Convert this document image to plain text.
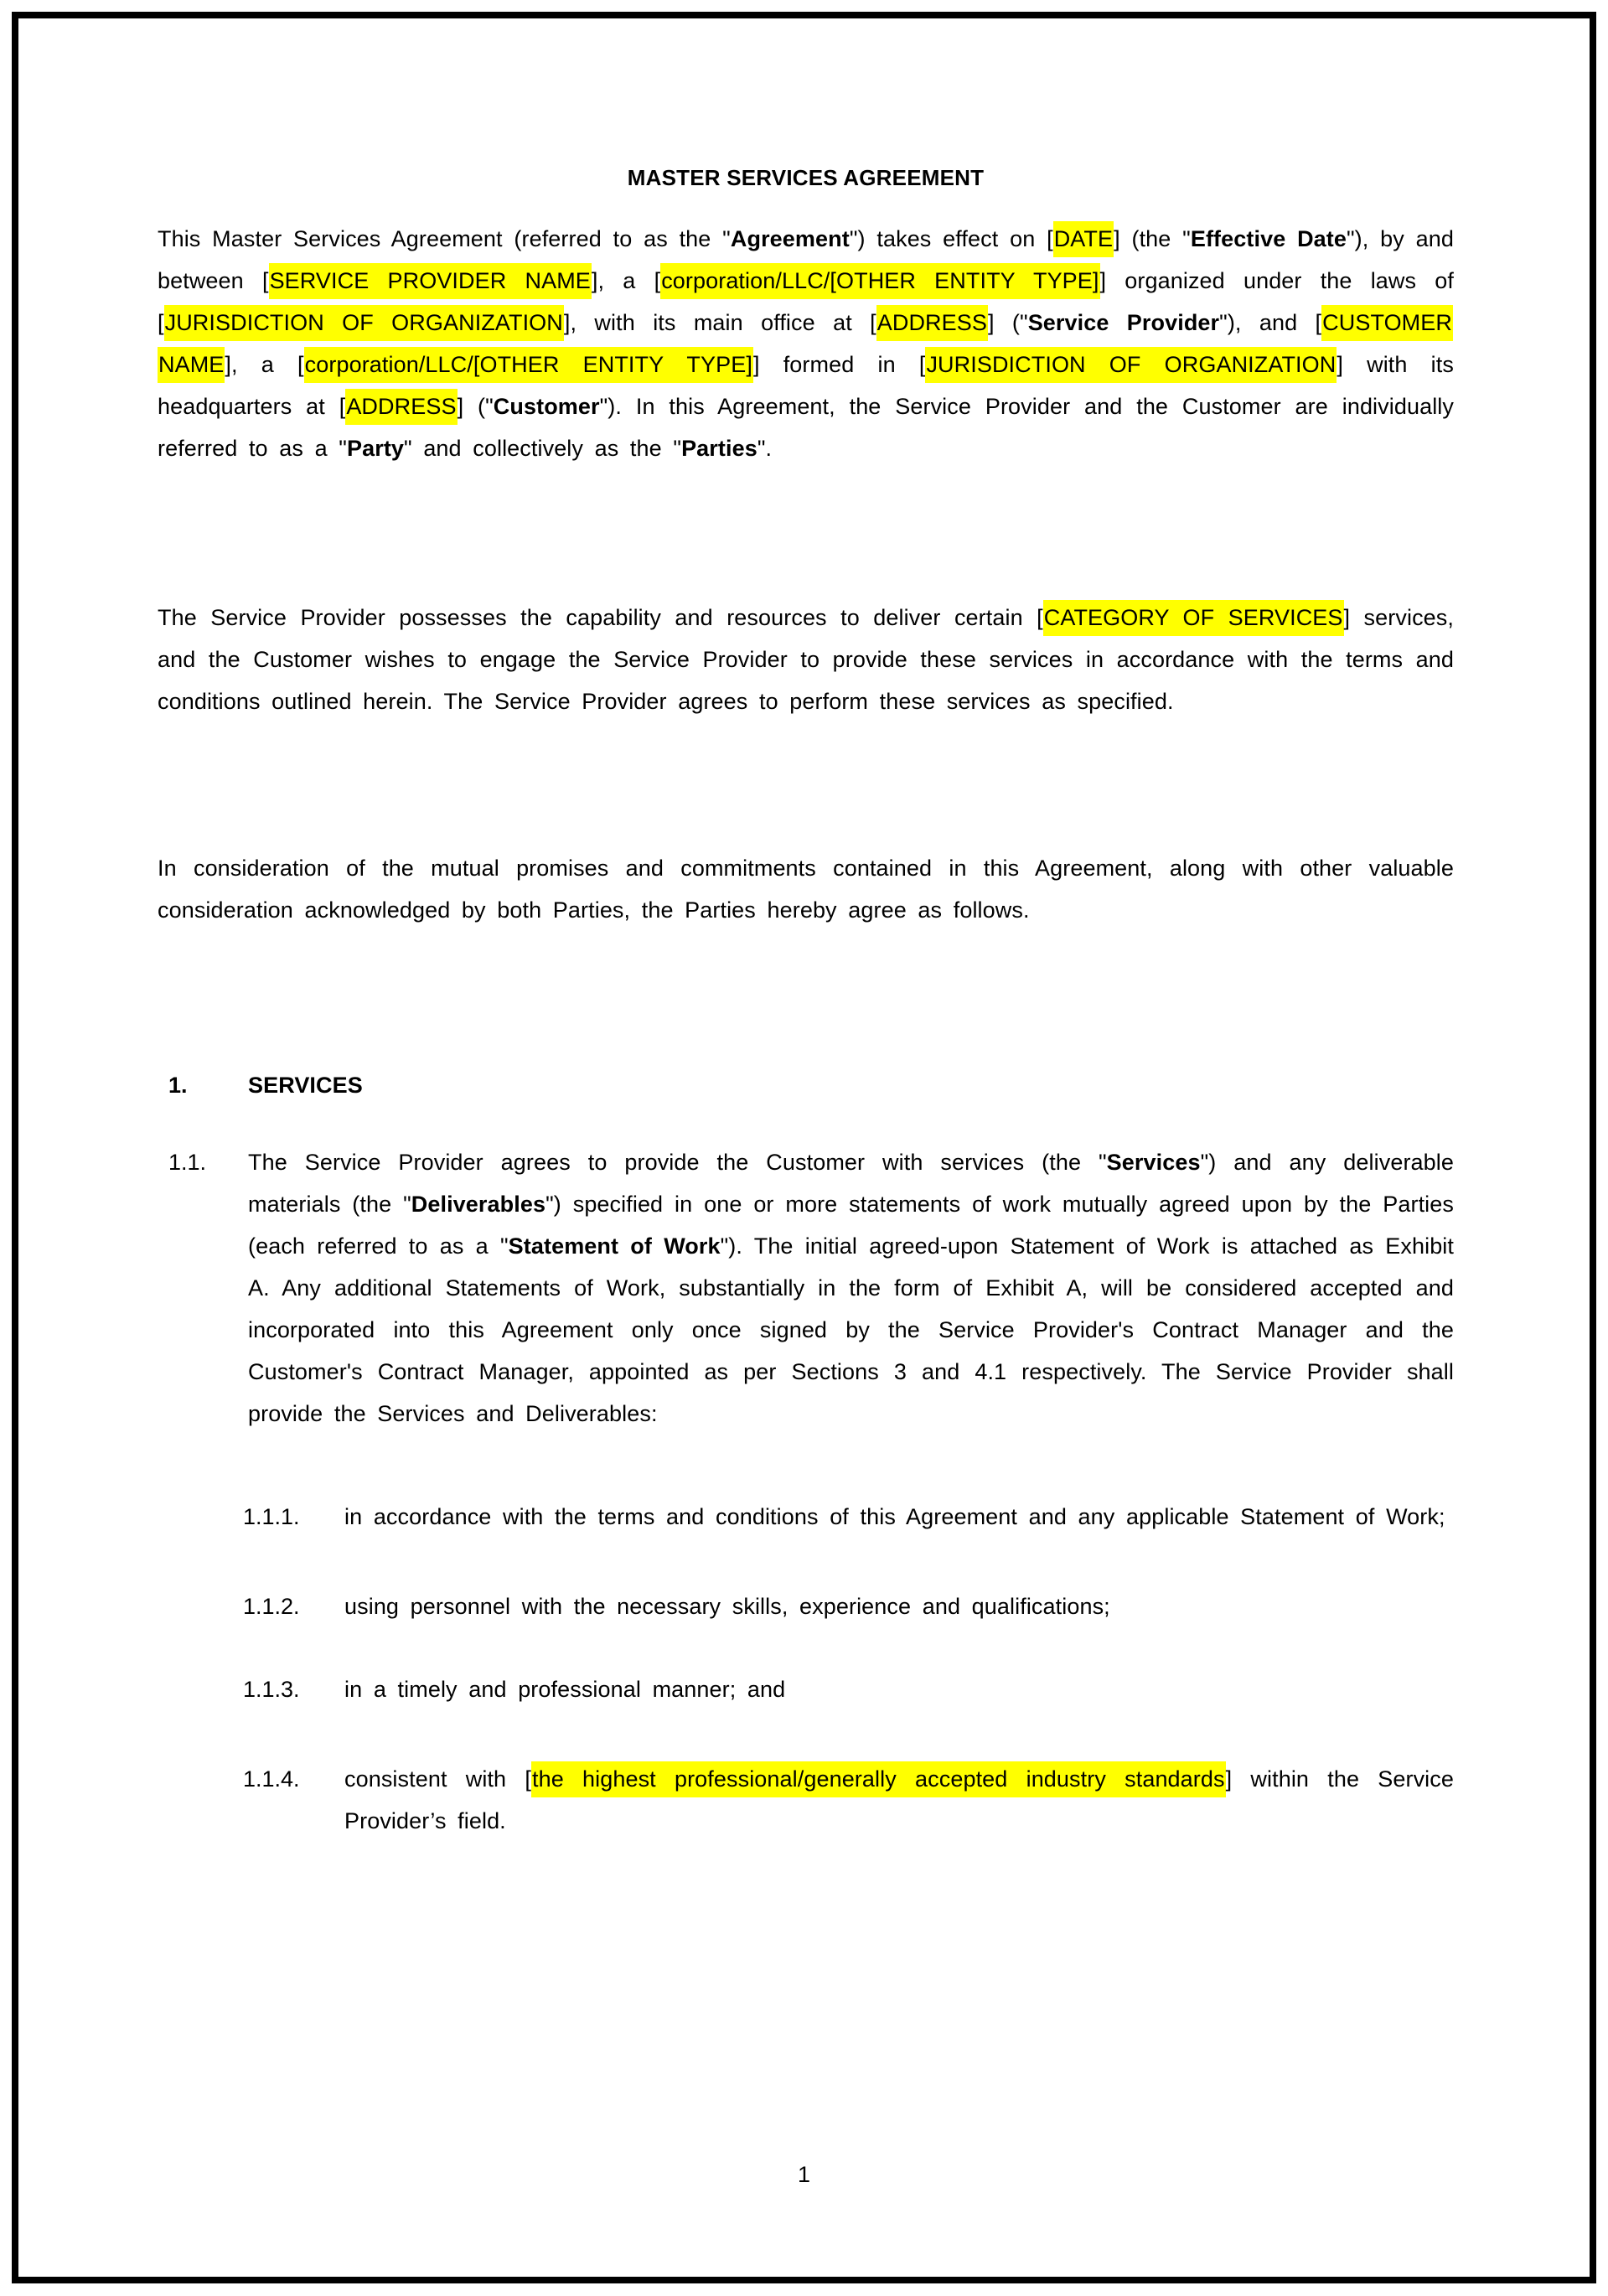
MASTER SERVICES AGREEMENT
This Master Services Agreement (referred to as the "Agreement") takes effect on [DATE] (the "Effective Date"), by and between [SERVICE PROVIDER NAME], a [corporation/LLC/[OTHER ENTITY TYPE]] organized under the laws of [JURISDICTION OF ORGANIZATION], with its main office at [ADDRESS] ("Service Provider"), and [CUSTOMER NAME], a [corporation/LLC/[OTHER ENTITY TYPE]] formed in [JURISDICTION OF ORGANIZATION] with its headquarters at [ADDRESS] ("Customer"). In this Agreement, the Service Provider and the Customer are individually referred to as a "Party" and collectively as the "Parties".
The Service Provider possesses the capability and resources to deliver certain [CATEGORY OF SERVICES] services, and the Customer wishes to engage the Service Provider to provide these services in accordance with the terms and conditions outlined herein. The Service Provider agrees to perform these services as specified.
In consideration of the mutual promises and commitments contained in this Agreement, along with other valuable consideration acknowledged by both Parties, the Parties hereby agree as follows.
1.	SERVICES
1.1.	The Service Provider agrees to provide the Customer with services (the "Services") and any deliverable materials (the "Deliverables") specified in one or more statements of work mutually agreed upon by the Parties (each referred to as a "Statement of Work"). The initial agreed-upon Statement of Work is attached as Exhibit A. Any additional Statements of Work, substantially in the form of Exhibit A, will be considered accepted and incorporated into this Agreement only once signed by the Service Provider's Contract Manager and the Customer's Contract Manager, appointed as per Sections 3 and 4.1 respectively. The Service Provider shall provide the Services and Deliverables:
1.1.1.	in accordance with the terms and conditions of this Agreement and any applicable Statement of Work;
1.1.2.	using personnel with the necessary skills, experience and qualifications;
1.1.3.	in a timely and professional manner; and
1.1.4.	consistent with [the highest professional/generally accepted industry standards] within the Service Provider’s field.
1
